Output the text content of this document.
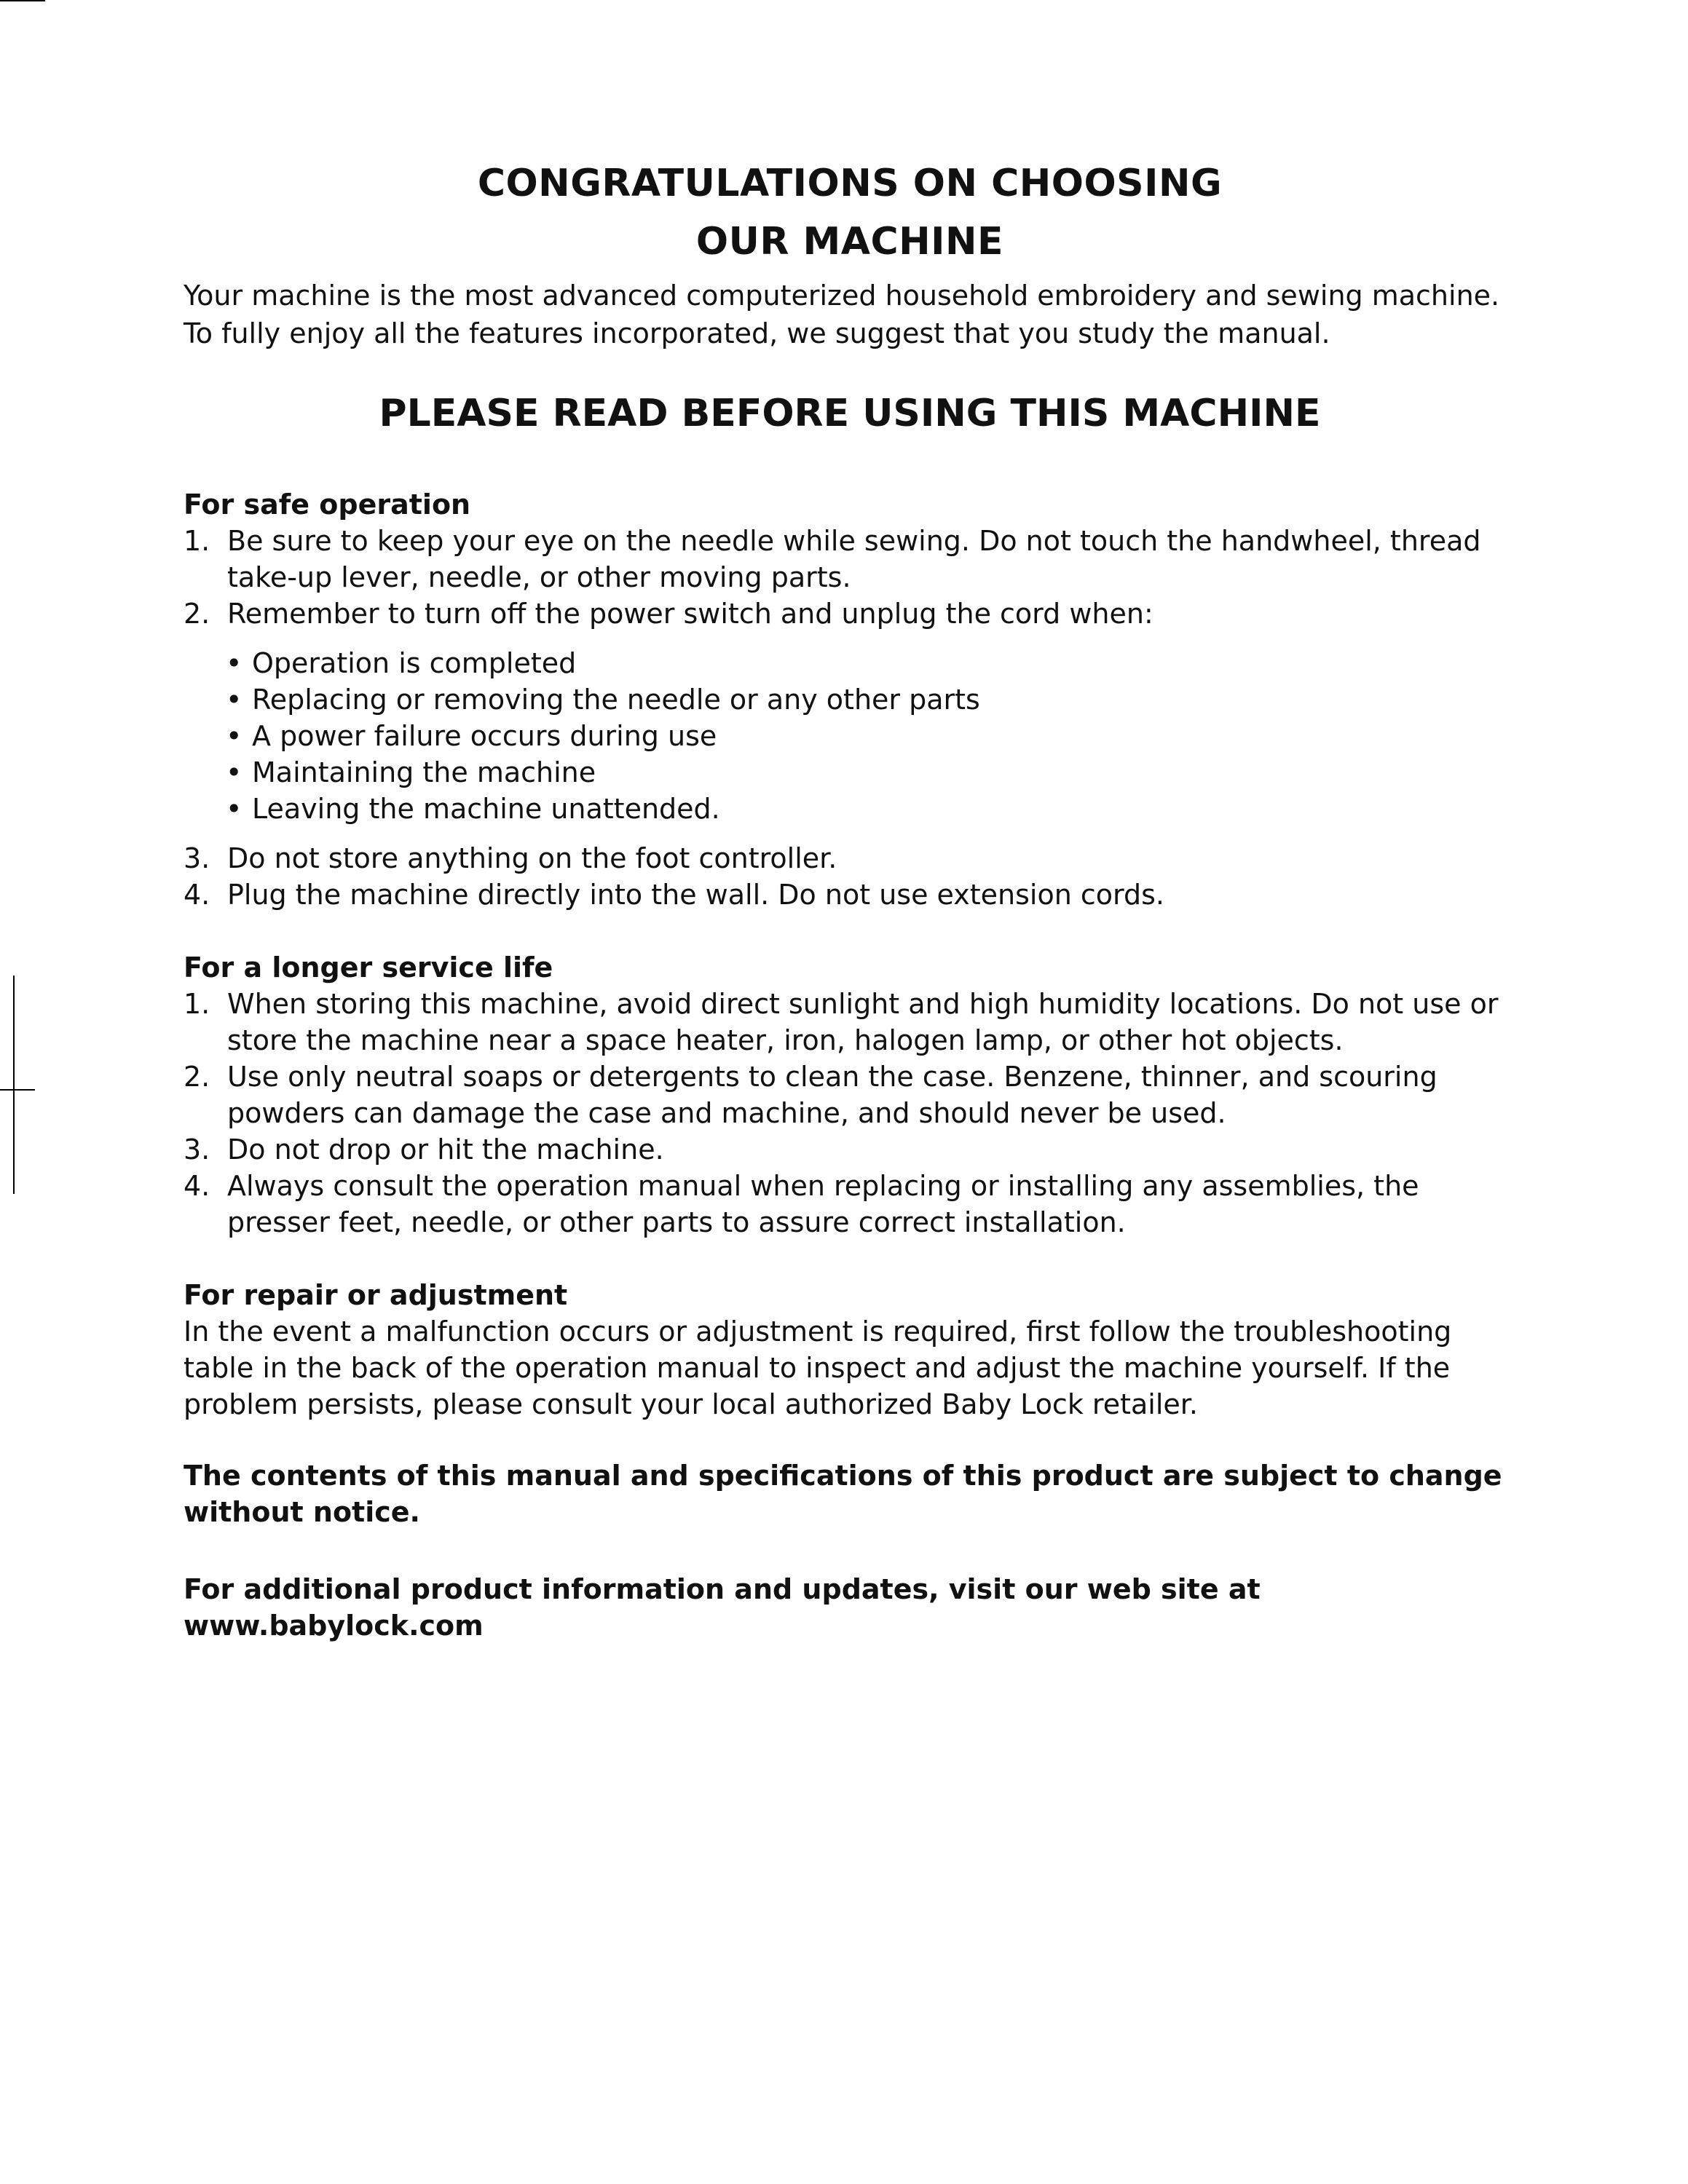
CONGRATULATIONS ON CHOOSING
OUR MACHINE

Your machine is the most advanced computerized household embroidery and sewing machine.
To fully enjoy all the features incorporated, we suggest that you study the manual.

PLEASE READ BEFORE USING THIS MACHINE
For safe operation
1. Be sure to keep your eye on the needle while sewing. Do not touch the handwheel, thread take-up lever, needle, or other moving parts.
2. Remember to turn off the power switch and unplug the cord when:
• Operation is completed
• Replacing or removing the needle or any other parts
• A power failure occurs during use
• Maintaining the machine
• Leaving the machine unattended.
3. Do not store anything on the foot controller.
4. Plug the machine directly into the wall. Do not use extension cords.
For a longer service life
1. When storing this machine, avoid direct sunlight and high humidity locations. Do not use or store the machine near a space heater, iron, halogen lamp, or other hot objects.
2. Use only neutral soaps or detergents to clean the case. Benzene, thinner, and scouring powders can damage the case and machine, and should never be used.
3. Do not drop or hit the machine.
4. Always consult the operation manual when replacing or installing any assemblies, the presser feet, needle, or other parts to assure correct installation.
For repair or adjustment

In the event a malfunction occurs or adjustment is required, first follow the troubleshooting table in the back of the operation manual to inspect and adjust the machine yourself. If the problem persists, please consult your local authorized Baby Lock retailer.

The contents of this manual and specifications of this product are subject to change without notice.

For additional product information and updates, visit our web site at www.babylock.com
